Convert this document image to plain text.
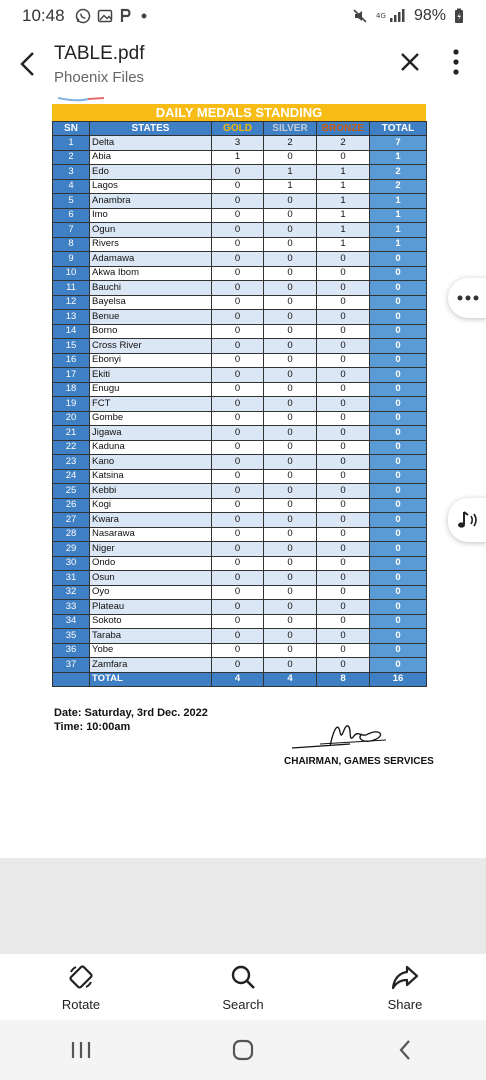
10:48	4G 98%
TABLE.pdf
Phoenix Files
DAILY MEDALS STANDING
SN	STATES	GOLD	SILVER	BRONZE	TOTAL
1	Delta	3	2	2	7
2	Abia	1	0	0	1
3	Edo	0	1	1	2
4	Lagos	0	1	1	2
5	Anambra	0	0	1	1
6	Imo	0	0	1	1
7	Ogun	0	0	1	1
8	Rivers	0	0	1	1
9	Adamawa	0	0	0	0
10	Akwa Ibom	0	0	0	0
11	Bauchi	0	0	0	0
12	Bayelsa	0	0	0	0
13	Benue	0	0	0	0
14	Borno	0	0	0	0
15	Cross River	0	0	0	0
16	Ebonyi	0	0	0	0
17	Ekiti	0	0	0	0
18	Enugu	0	0	0	0
19	FCT	0	0	0	0
20	Gombe	0	0	0	0
21	Jigawa	0	0	0	0
22	Kaduna	0	0	0	0
23	Kano	0	0	0	0
24	Katsina	0	0	0	0
25	Kebbi	0	0	0	0
26	Kogi	0	0	0	0
27	Kwara	0	0	0	0
28	Nasarawa	0	0	0	0
29	Niger	0	0	0	0
30	Ondo	0	0	0	0
31	Osun	0	0	0	0
32	Oyo	0	0	0	0
33	Plateau	0	0	0	0
34	Sokoto	0	0	0	0
35	Taraba	0	0	0	0
36	Yobe	0	0	0	0
37	Zamfara	0	0	0	0
	TOTAL	4	4	8	16
Date: Saturday, 3rd Dec. 2022
Time: 10:00am
CHAIRMAN, GAMES SERVICES
Rotate	Search	Share
